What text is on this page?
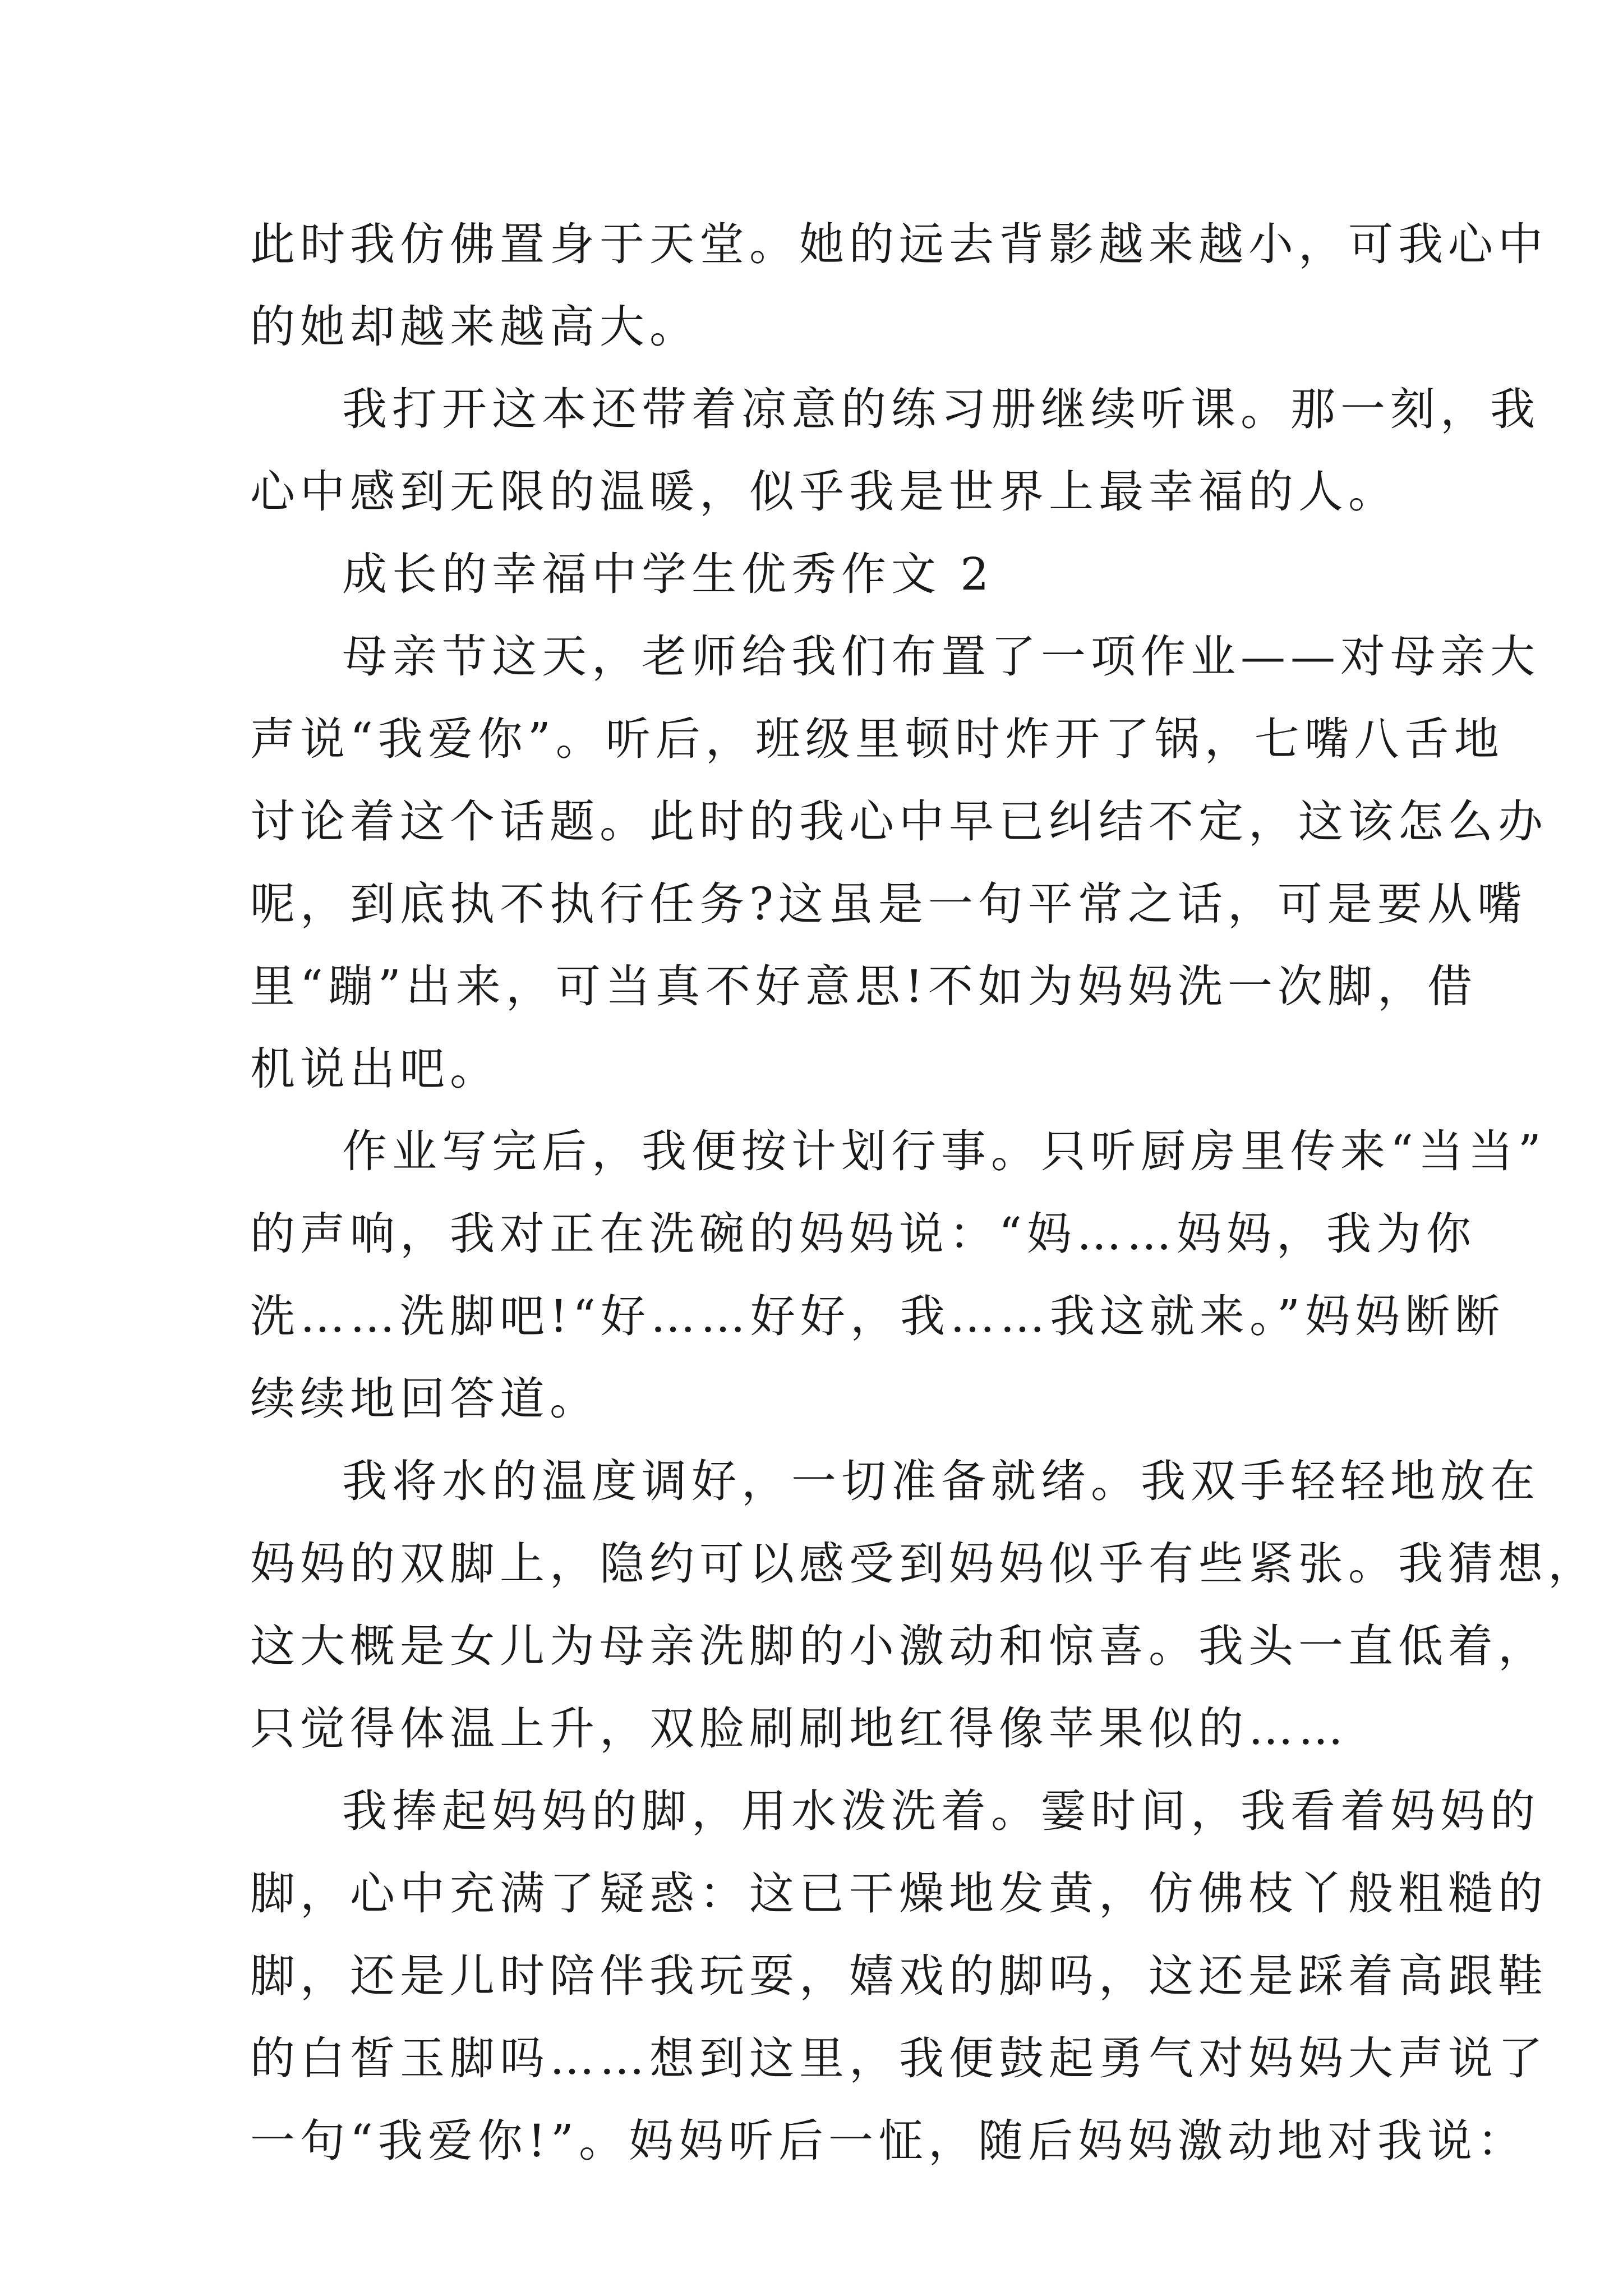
此时我仿佛置身于天堂。她的远去背影越来越小，可我心中
的她却越来越高大。

我打开这本还带着凉意的练习册继续听课。那一刻，我
心中感到无限的温暖，似乎我是世界上最幸福的人。

成长的幸福中学生优秀作文 2

母亲节这天，老师给我们布置了一项作业——对母亲大
声说“我爱你”。听后，班级里顿时炸开了锅，七嘴八舌地
讨论着这个话题。此时的我心中早已纠结不定，这该怎么办
呢，到底执不执行任务?这虽是一句平常之话，可是要从嘴
里“蹦”出来，可当真不好意思!不如为妈妈洗一次脚，借
机说出吧。

作业写完后，我便按计划行事。只听厨房里传来“当当”
的声响，我对正在洗碗的妈妈说：“妈……妈妈，我为你
洗……洗脚吧!“好……好好，我……我这就来。”妈妈断断
续续地回答道。

我将水的温度调好，一切准备就绪。我双手轻轻地放在
妈妈的双脚上，隐约可以感受到妈妈似乎有些紧张。我猜想，
这大概是女儿为母亲洗脚的小激动和惊喜。我头一直低着，
只觉得体温上升，双脸刷刷地红得像苹果似的……

我捧起妈妈的脚，用水泼洗着。霎时间，我看着妈妈的
脚，心中充满了疑惑：这已干燥地发黄，仿佛枝丫般粗糙的
脚，还是儿时陪伴我玩耍，嬉戏的脚吗，这还是踩着高跟鞋
的白皙玉脚吗……想到这里，我便鼓起勇气对妈妈大声说了
一句“我爱你!”。妈妈听后一怔，随后妈妈激动地对我说：
